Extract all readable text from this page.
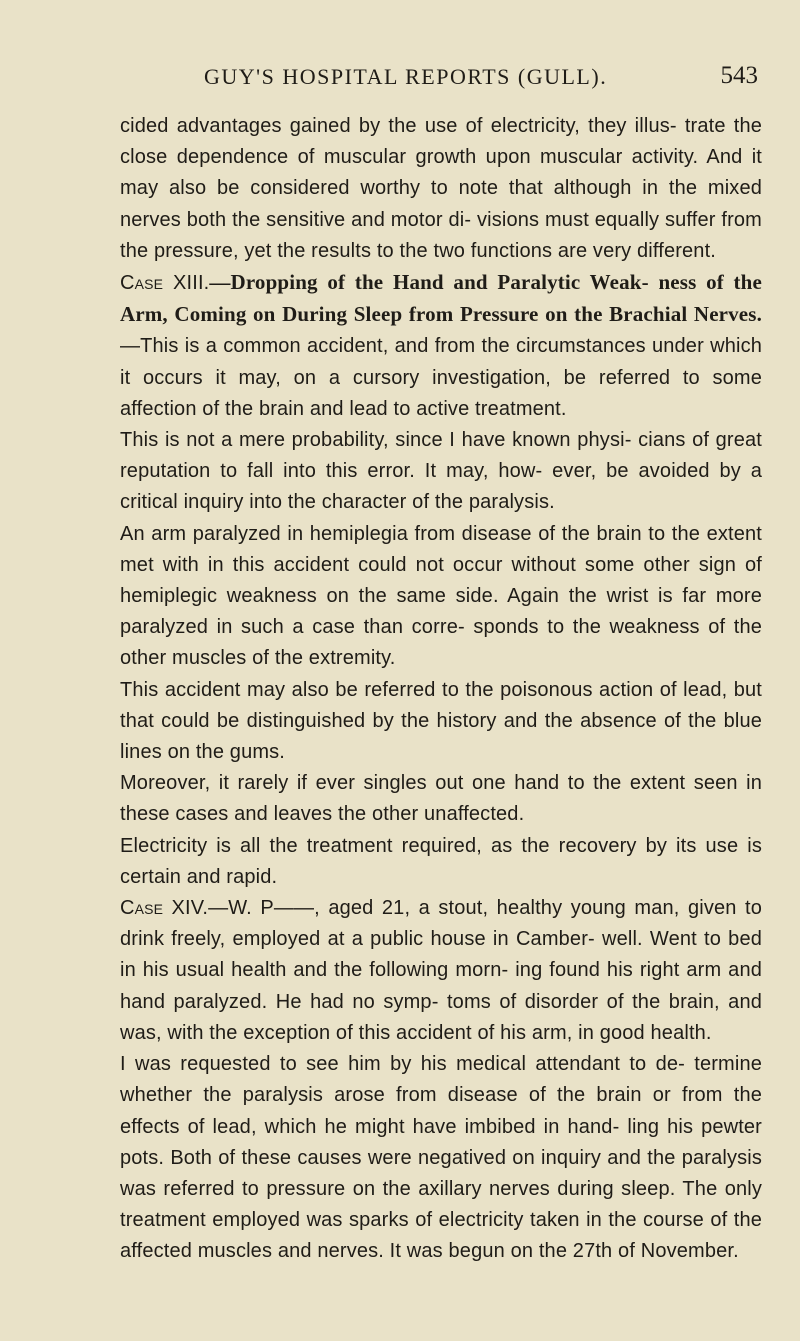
GUY'S HOSPITAL REPORTS (GULL).	543

cided advantages gained by the use of electricity, they illus- trate the close dependence of muscular growth upon muscular activity. And it may also be considered worthy to note that although in the mixed nerves both the sensitive and motor di- visions must equally suffer from the pressure, yet the results to the two functions are very different.

Case XIII.—Dropping of the Hand and Paralytic Weak- ness of the Arm, Coming on During Sleep from Pressure on the Brachial Nerves.—This is a common accident, and from the circumstances under which it occurs it may, on a cursory investigation, be referred to some affection of the brain and lead to active treatment.

This is not a mere probability, since I have known physi- cians of great reputation to fall into this error. It may, how- ever, be avoided by a critical inquiry into the character of the paralysis.

An arm paralyzed in hemiplegia from disease of the brain to the extent met with in this accident could not occur without some other sign of hemiplegic weakness on the same side. Again the wrist is far more paralyzed in such a case than corre- sponds to the weakness of the other muscles of the extremity.

This accident may also be referred to the poisonous action of lead, but that could be distinguished by the history and the absence of the blue lines on the gums.

Moreover, it rarely if ever singles out one hand to the extent seen in these cases and leaves the other unaffected.

Electricity is all the treatment required, as the recovery by its use is certain and rapid.

Case XIV.—W. P——, aged 21, a stout, healthy young man, given to drink freely, employed at a public house in Camber- well. Went to bed in his usual health and the following morn- ing found his right arm and hand paralyzed. He had no symp- toms of disorder of the brain, and was, with the exception of this accident of his arm, in good health.

I was requested to see him by his medical attendant to de- termine whether the paralysis arose from disease of the brain or from the effects of lead, which he might have imbibed in hand- ling his pewter pots. Both of these causes were negatived on inquiry and the paralysis was referred to pressure on the axillary nerves during sleep. The only treatment employed was sparks of electricity taken in the course of the affected muscles and nerves. It was begun on the 27th of November.
